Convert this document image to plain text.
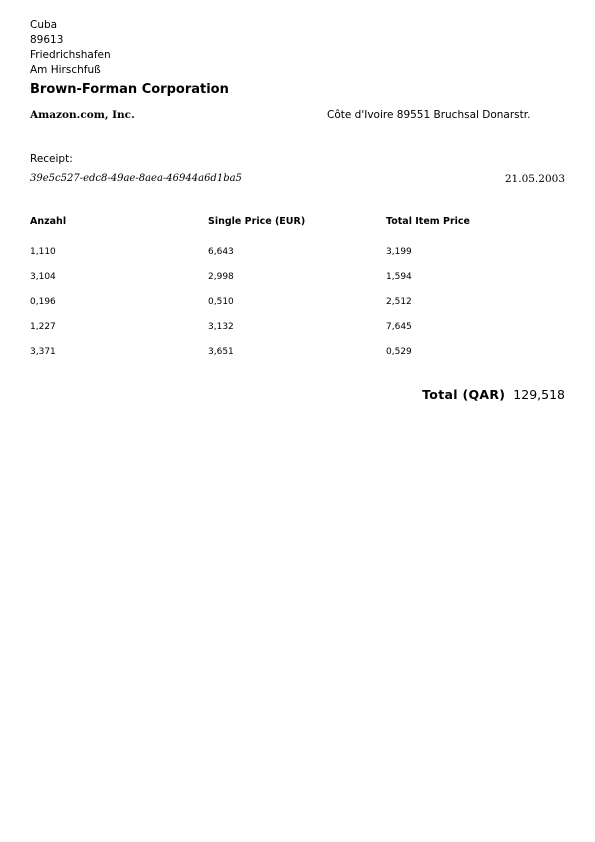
Cuba
89613
Friedrichshafen
Am Hirschfuß
Brown-Forman Corporation
Amazon.com, Inc.	Côte d'Ivoire 89551 Bruchsal Donarstr.
Receipt:
39e5c527-edc8-49ae-8aea-46944a6d1ba5	21.05.2003
Anzahl	Single Price (EUR)	Total Item Price
1,110	6,643	3,199
3,104	2,998	1,594
0,196	0,510	2,512
1,227	3,132	7,645
3,371	3,651	0,529
Total (QAR) 129,518
